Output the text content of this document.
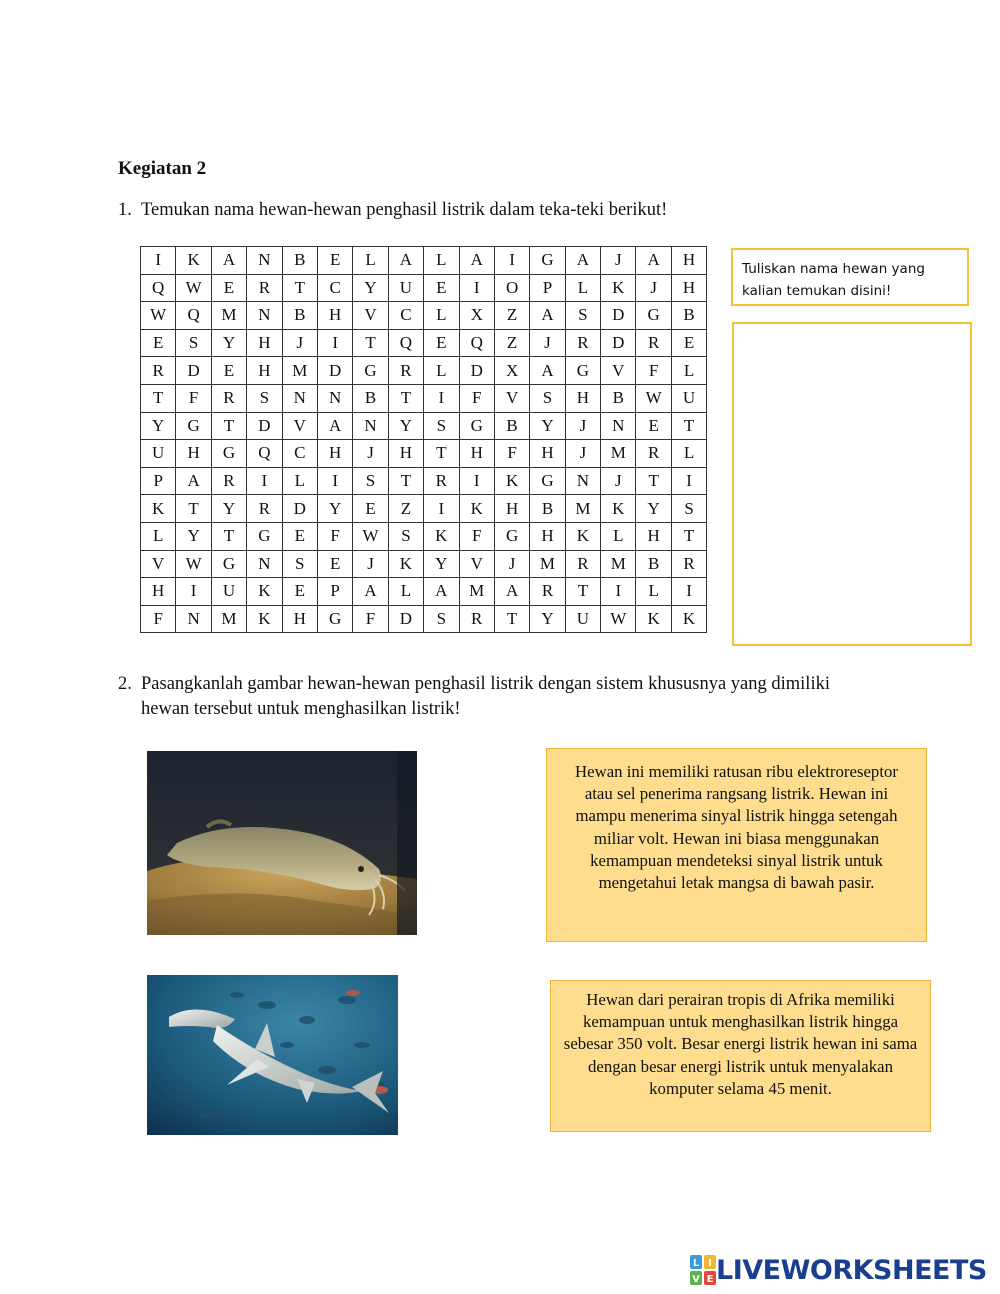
Kegiatan 2
1. Temukan nama hewan-hewan penghasil listrik dalam teka-teki berikut!
I	K	A	N	B	E	L	A	L	A	I	G	A	J	A	H
Q	W	E	R	T	C	Y	U	E	I	O	P	L	K	J	H
W	Q	M	N	B	H	V	C	L	X	Z	A	S	D	G	B
E	S	Y	H	J	I	T	Q	E	Q	Z	J	R	D	R	E
R	D	E	H	M	D	G	R	L	D	X	A	G	V	F	L
T	F	R	S	N	N	B	T	I	F	V	S	H	B	W	U
Y	G	T	D	V	A	N	Y	S	G	B	Y	J	N	E	T
U	H	G	Q	C	H	J	H	T	H	F	H	J	M	R	L
P	A	R	I	L	I	S	T	R	I	K	G	N	J	T	I
K	T	Y	R	D	Y	E	Z	I	K	H	B	M	K	Y	S
L	Y	T	G	E	F	W	S	K	F	G	H	K	L	H	T
V	W	G	N	S	E	J	K	Y	V	J	M	R	M	B	R
H	I	U	K	E	P	A	L	A	M	A	R	T	I	L	I
F	N	M	K	H	G	F	D	S	R	T	Y	U	W	K	K
Tuliskan nama hewan yang kalian temukan disini!
2. Pasangkanlah gambar hewan-hewan penghasil listrik dengan sistem khususnya yang dimiliki
hewan tersebut untuk menghasilkan listrik!
Hewan ini memiliki ratusan ribu elektroreseptor atau sel penerima rangsang listrik. Hewan ini mampu menerima sinyal listrik hingga setengah miliar volt. Hewan ini biasa menggunakan kemampuan mendeteksi sinyal listrik untuk mengetahui letak mangsa di bawah pasir.
Hewan dari perairan tropis di Afrika memiliki kemampuan untuk menghasilkan listrik hingga sebesar 350 volt. Besar energi listrik hewan ini sama dengan besar energi listrik untuk menyalakan komputer selama 45 menit.
L I
V E LIVEWORKSHEETS
